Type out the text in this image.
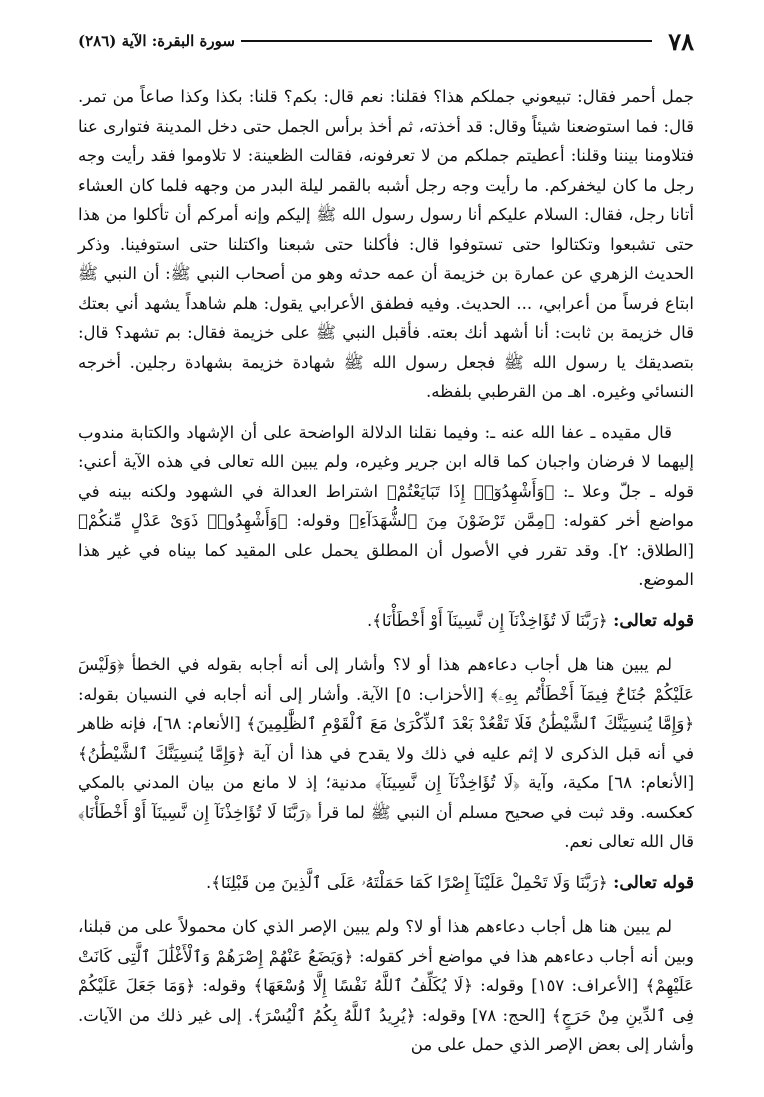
٧٨
سورة البقرة: الآية (٢٨٦)

جمل أحمر فقال: تبيعوني جملكم هذا؟ فقلنا: نعم قال: بكم؟ قلنا: بكذا وكذا صاعاً من تمر. قال: فما استوضعنا شيئاً وقال: قد أخذته، ثم أخذ برأس الجمل حتى دخل المدينة فتوارى عنا فتلاومنا بيننا وقلنا: أعطيتم جملكم من لا تعرفونه، فقالت الظعينة: لا تلاوموا فقد رأيت وجه رجل ما كان ليخفركم. ما رأيت وجه رجل أشبه بالقمر ليلة البدر من وجهه فلما كان العشاء أتانا رجل، فقال: السلام عليكم أنا رسول رسول الله ﷺ إليكم وإنه أمركم أن تأكلوا من هذا حتى تشبعوا وتكتالوا حتى تستوفوا قال: فأكلنا حتى شبعنا واكتلنا حتى استوفينا. وذكر الحديث الزهري عن عمارة بن خزيمة أن عمه حدثه وهو من أصحاب النبي ﷺ: أن النبي ﷺ ابتاع فرساً من أعرابي، ... الحديث. وفيه فطفق الأعرابي يقول: هلم شاهداً يشهد أني بعتك قال خزيمة بن ثابت: أنا أشهد أنك بعته. فأقبل النبي ﷺ على خزيمة فقال: بم تشهد؟ قال: بتصديقك يا رسول الله ﷺ فجعل رسول الله ﷺ شهادة خزيمة بشهادة رجلين. أخرجه النسائي وغيره. اهـ من القرطبي بلفظه.

قال مقيده ـ عفا الله عنه ـ: وفيما نقلنا الدلالة الواضحة على أن الإشهاد والكتابة مندوب إليهما لا فرضان واجبان كما قاله ابن جرير وغيره، ولم يبين الله تعالى في هذه الآية أعني: قوله ـ جلّ وعلا ـ: ﴿وَأَشْهِدُوٓا۟ إِذَا تَبَايَعْتُمْ﴾ اشتراط العدالة في الشهود ولكنه بينه في مواضع أخر كقوله: ﴿مِمَّن تَرْضَوْنَ مِنَ ٱلشُّهَدَآءِ﴾ وقوله: ﴿وَأَشْهِدُوا۟ ذَوَىْ عَدْلٍ مِّنكُمْ﴾ [الطلاق: ٢]. وقد تقرر في الأصول أن المطلق يحمل على المقيد كما بيناه في غير هذا الموضع.

قوله تعالى: ﴿رَبَّنَا لَا تُؤَاخِذْنَآ إِن نَّسِينَآ أَوْ أَخْطَأْنَا﴾.

لم يبين هنا هل أجاب دعاءهم هذا أو لا؟ وأشار إلى أنه أجابه بقوله في الخطأ ﴿وَلَيْسَ عَلَيْكُمْ جُنَاحٌ فِيمَآ أَخْطَأْتُم بِهِۦ﴾ [الأحزاب: ٥] الآية. وأشار إلى أنه أجابه في النسيان بقوله: ﴿وَإِمَّا يُنسِيَنَّكَ ٱلشَّيْطَٰنُ فَلَا تَقْعُدْ بَعْدَ ٱلذِّكْرَىٰ مَعَ ٱلْقَوْمِ ٱلظَّٰلِمِينَ﴾ [الأنعام: ٦٨]، فإنه ظاهر في أنه قبل الذكرى لا إثم عليه في ذلك ولا يقدح في هذا أن آية ﴿وَإِمَّا يُنسِيَنَّكَ ٱلشَّيْطَٰنُ﴾ [الأنعام: ٦٨] مكية، وآية ﴿لَا تُؤَاخِذْنَآ إِن نَّسِينَآ﴾ مدنية؛ إذ لا مانع من بيان المدني بالمكي كعكسه. وقد ثبت في صحيح مسلم أن النبي ﷺ لما قرأ ﴿رَبَّنَا لَا تُؤَاخِذْنَآ إِن نَّسِينَآ أَوْ أَخْطَأْنَا﴾ قال الله تعالى نعم.

قوله تعالى: ﴿رَبَّنَا وَلَا تَحْمِلْ عَلَيْنَآ إِصْرًا كَمَا حَمَلْتَهُۥ عَلَى ٱلَّذِينَ مِن قَبْلِنَا﴾.

لم يبين هنا هل أجاب دعاءهم هذا أو لا؟ ولم يبين الإصر الذي كان محمولاً على من قبلنا، وبين أنه أجاب دعاءهم هذا في مواضع أخر كقوله: ﴿وَيَضَعُ عَنْهُمْ إِصْرَهُمْ وَٱلْأَغْلَٰلَ ٱلَّتِى كَانَتْ عَلَيْهِمْ﴾ [الأعراف: ١٥٧] وقوله: ﴿لَا يُكَلِّفُ ٱللَّهُ نَفْسًا إِلَّا وُسْعَهَا﴾ وقوله: ﴿وَمَا جَعَلَ عَلَيْكُمْ فِى ٱلدِّينِ مِنْ حَرَجٍ﴾ [الحج: ٧٨] وقوله: ﴿يُرِيدُ ٱللَّهُ بِكُمُ ٱلْيُسْرَ﴾. إلى غير ذلك من الآيات. وأشار إلى بعض الإصر الذي حمل على من
